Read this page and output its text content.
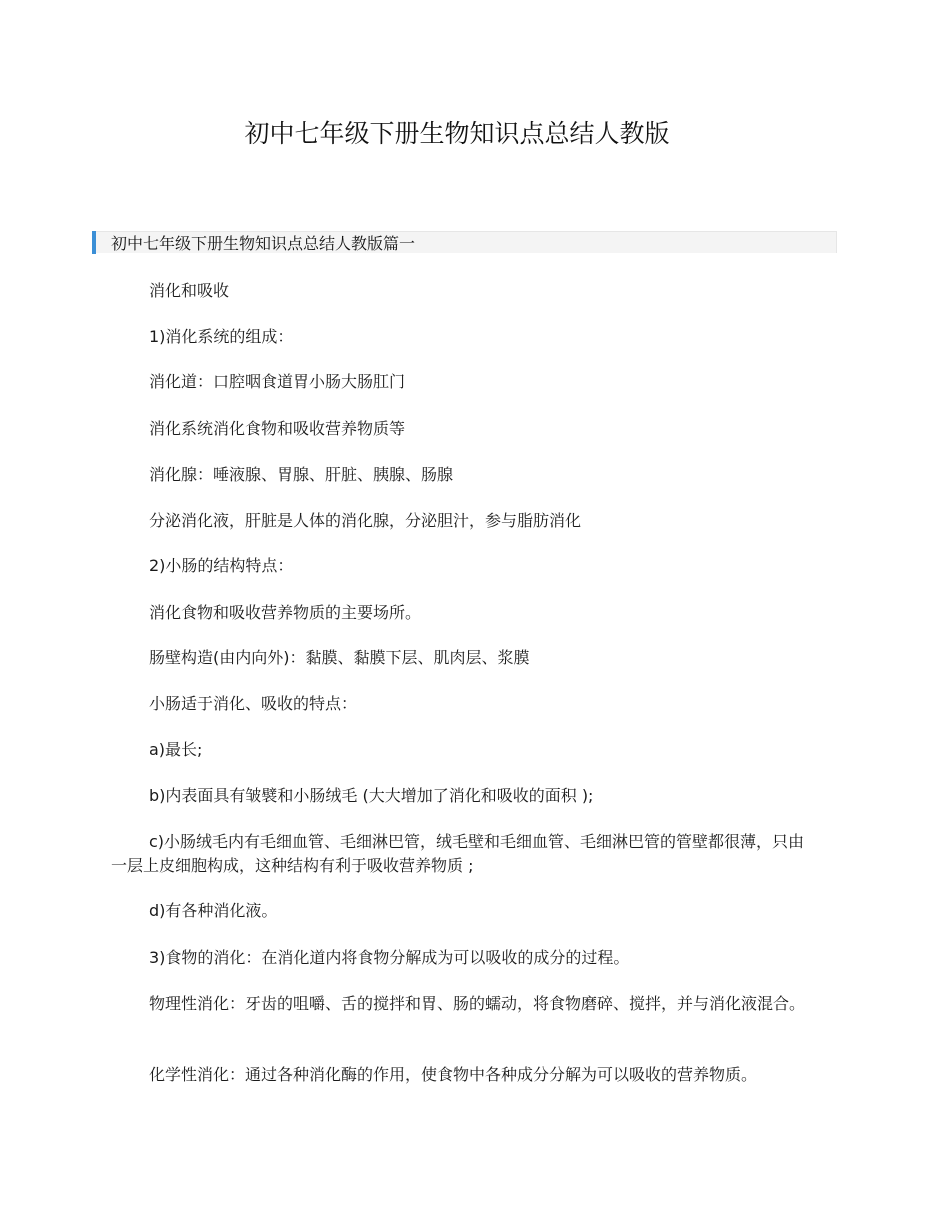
初中七年级下册生物知识点总结人教版
初中七年级下册生物知识点总结人教版篇一

消化和吸收

1)消化系统的组成：

消化道：口腔咽食道胃小肠大肠肛门

消化系统消化食物和吸收营养物质等

消化腺：唾液腺、胃腺、肝脏、胰腺、肠腺

分泌消化液，肝脏是人体的消化腺，分泌胆汁，参与脂肪消化

2)小肠的结构特点：

消化食物和吸收营养物质的主要场所。

肠壁构造(由内向外)：黏膜、黏膜下层、肌肉层、浆膜

小肠适于消化、吸收的特点：

a)最长;

b)内表面具有皱襞和小肠绒毛 (大大增加了消化和吸收的面积 );

c)小肠绒毛内有毛细血管、毛细淋巴管，绒毛壁和毛细血管、毛细淋巴管的管壁都很薄，只由一层上皮细胞构成，这种结构有利于吸收营养物质 ;

d)有各种消化液。

3)食物的消化：在消化道内将食物分解成为可以吸收的成分的过程。

物理性消化：牙齿的咀嚼、舌的搅拌和胃、肠的蠕动，将食物磨碎、搅拌，并与消化液混合。

化学性消化：通过各种消化酶的作用，使食物中各种成分分解为可以吸收的营养物质。
